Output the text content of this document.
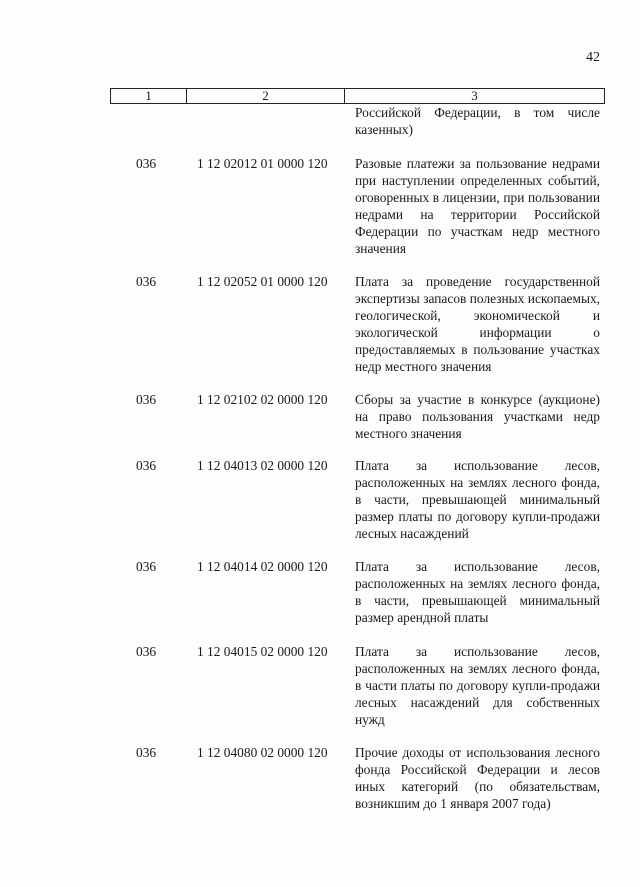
42
1	2	3
Российской Федерации, в том числе казенных)
036	1 12 02012 01 0000 120 Разовые платежи за пользование недрами при наступлении определенных событий, оговоренных в лицензии, при пользовании недрами на территории Российской Федерации по участкам недр местного значения
036	1 12 02052 01 0000 120 Плата за проведение государственной экспертизы запасов полезных ископаемых, геологической, экономической и экологической информации о предоставляемых в пользование участках недр местного значения
036	1 12 02102 02 0000 120 Сборы за участие в конкурсе (аукционе) на право пользования участками недр местного значения
036	1 12 04013 02 0000 120 Плата за использование лесов, расположенных на землях лесного фонда, в части, превышающей минимальный размер платы по договору купли-продажи лесных насаждений
036	1 12 04014 02 0000 120 Плата за использование лесов, расположенных на землях лесного фонда, в части, превышающей минимальный размер арендной платы
036	1 12 04015 02 0000 120 Плата за использование лесов, расположенных на землях лесного фонда, в части платы по договору купли-продажи лесных насаждений для собственных нужд
036	1 12 04080 02 0000 120 Прочие доходы от использования лесного фонда Российской Федерации и лесов иных категорий (по обязательствам, возникшим до 1 января 2007 года)
